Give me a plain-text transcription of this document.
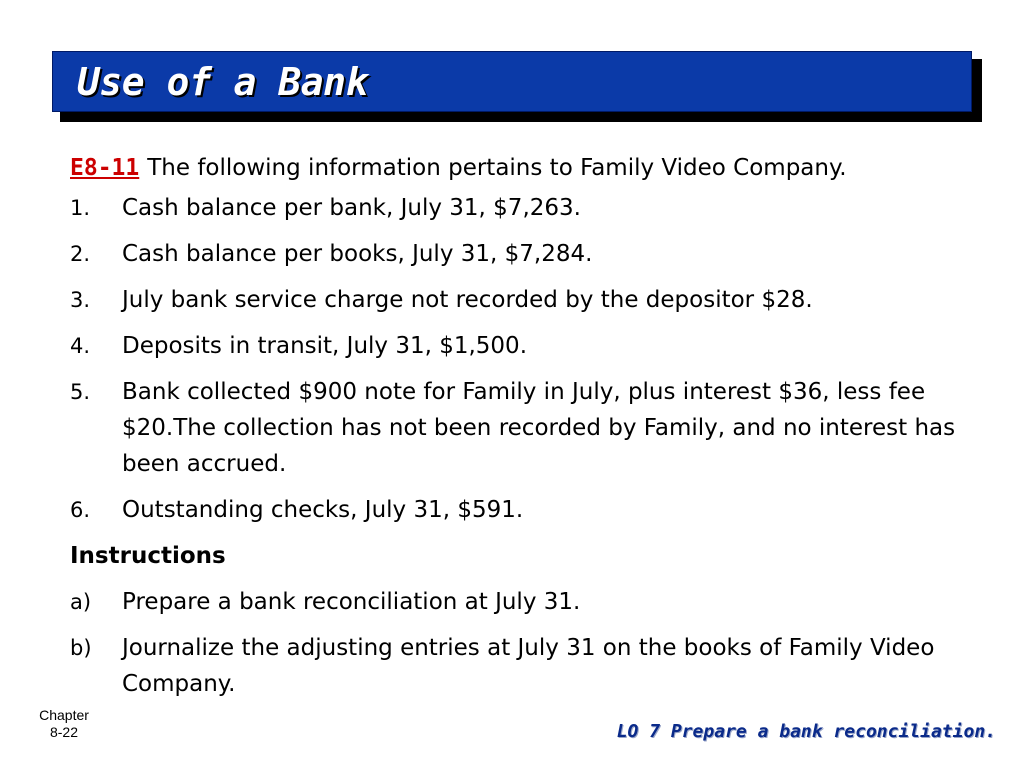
Use of a Bank
E8-11 The following information pertains to Family Video Company.
1. Cash balance per bank, July 31, $7,263.
2. Cash balance per books, July 31, $7,284.
3. July bank service charge not recorded by the depositor $28.
4. Deposits in transit, July 31, $1,500.
5. Bank collected $900 note for Family in July, plus interest $36, less fee $20.The collection has not been recorded by Family, and no interest has been accrued.
6. Outstanding checks, July 31, $591.
Instructions
a) Prepare a bank reconciliation at July 31.
b) Journalize the adjusting entries at July 31 on the books of Family Video Company.
Chapter
8-22	LO 7 Prepare a bank reconciliation.
